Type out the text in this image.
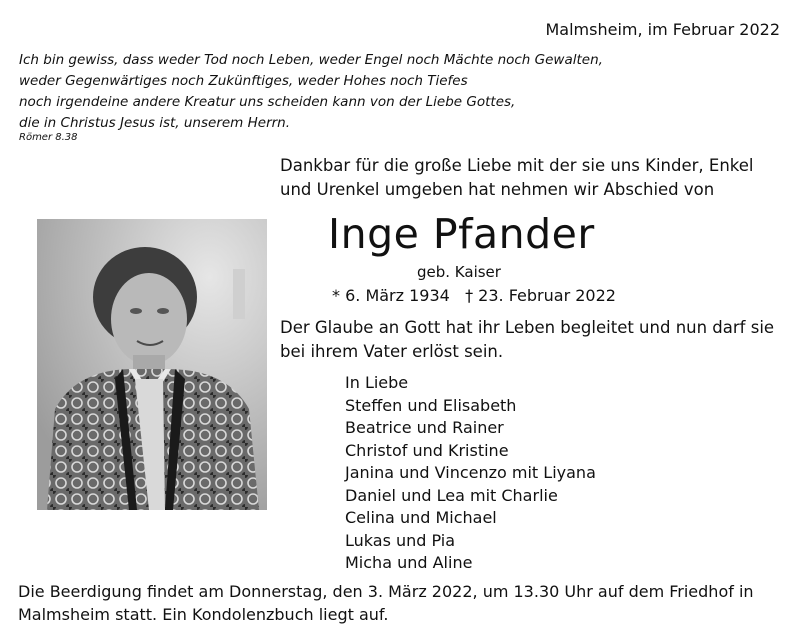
Malmsheim, im Februar 2022
Ich bin gewiss, dass weder Tod noch Leben, weder Engel noch Mächte noch Gewalten,
weder Gegenwärtiges noch Zukünftiges, weder Hohes noch Tiefes
noch irgendeine andere Kreatur uns scheiden kann von der Liebe Gottes,
die in Christus Jesus ist, unserem Herrn.
Römer 8.38
Dankbar für die große Liebe mit der sie uns Kinder, Enkel und Urenkel umgeben hat nehmen wir Abschied von
Inge Pfander
geb. Kaiser
* 6. März 1934 † 23. Februar 2022
Der Glaube an Gott hat ihr Leben begleitet und nun darf sie bei ihrem Vater erlöst sein.
In Liebe
Steffen und Elisabeth
Beatrice und Rainer
Christof und Kristine
Janina und Vincenzo mit Liyana
Daniel und Lea mit Charlie
Celina und Michael
Lukas und Pia
Micha und Aline
Die Beerdigung findet am Donnerstag, den 3. März 2022, um 13.30 Uhr auf dem Friedhof in Malmsheim statt. Ein Kondolenzbuch liegt auf.
